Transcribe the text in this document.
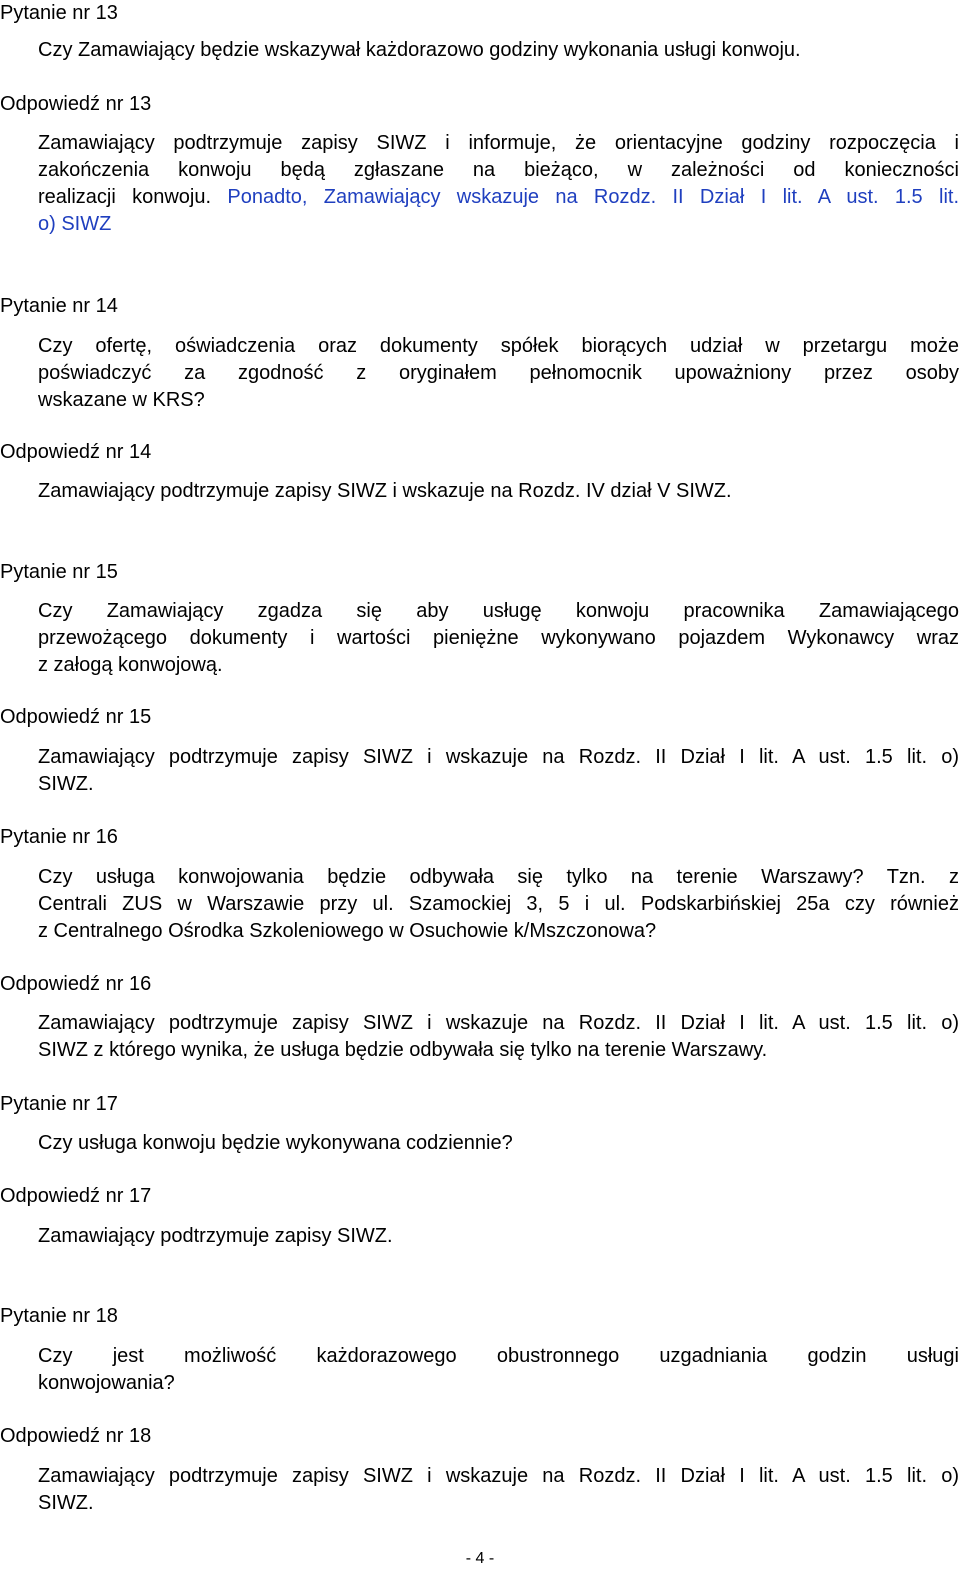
Pytanie nr 13
Czy Zamawiający będzie wskazywał każdorazowo godziny wykonania usługi konwoju.
Odpowiedź nr 13
Zamawiający podtrzymuje zapisy SIWZ i informuje, że orientacyjne godziny rozpoczęcia i
zakończenia konwoju będą zgłaszane na bieżąco, w zależności od konieczności
realizacji konwoju. Ponadto, Zamawiający wskazuje na Rozdz. II Dział I lit. A ust. 1.5 lit.
o) SIWZ
Pytanie nr 14
Czy ofertę, oświadczenia oraz dokumenty spółek biorących udział w przetargu może
poświadczyć za zgodność z oryginałem pełnomocnik upoważniony przez osoby
wskazane w KRS?
Odpowiedź nr 14
Zamawiający podtrzymuje zapisy SIWZ i wskazuje na Rozdz. IV dział V SIWZ.
Pytanie nr 15
Czy Zamawiający zgadza się aby usługę konwoju pracownika Zamawiającego
przewożącego dokumenty i wartości pieniężne wykonywano pojazdem Wykonawcy wraz
z załogą konwojową.
Odpowiedź nr 15
Zamawiający podtrzymuje zapisy SIWZ i wskazuje na Rozdz. II Dział I lit. A ust. 1.5 lit. o)
SIWZ.
Pytanie nr 16
Czy usługa konwojowania będzie odbywała się tylko na terenie Warszawy? Tzn. z
Centrali ZUS w Warszawie przy ul. Szamockiej 3, 5 i ul. Podskarbińskiej 25a czy również
z Centralnego Ośrodka Szkoleniowego w Osuchowie k/Mszczonowa?
Odpowiedź nr 16
Zamawiający podtrzymuje zapisy SIWZ i wskazuje na Rozdz. II Dział I lit. A ust. 1.5 lit. o)
SIWZ z którego wynika, że usługa będzie odbywała się tylko na terenie Warszawy.
Pytanie nr 17
Czy usługa konwoju będzie wykonywana codziennie?
Odpowiedź nr 17
Zamawiający podtrzymuje zapisy SIWZ.
Pytanie nr 18
Czy jest możliwość każdorazowego obustronnego uzgadniania godzin usługi
konwojowania?
Odpowiedź nr 18
Zamawiający podtrzymuje zapisy SIWZ i wskazuje na Rozdz. II Dział I lit. A ust. 1.5 lit. o)
SIWZ.
- 4 -
